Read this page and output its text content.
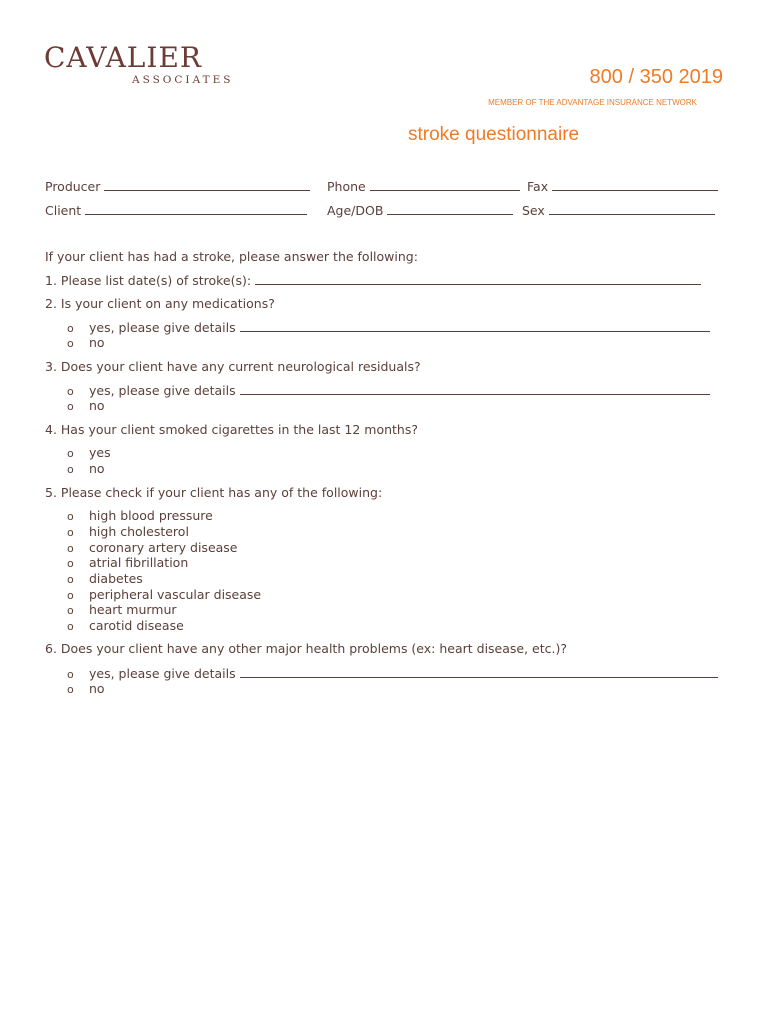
CAVALIER
ASSOCIATES	800 / 350 2019
MEMBER OF THE ADVANTAGE INSURANCE NETWORK
stroke questionnaire
Producer	Phone	Fax
Client	Age/DOB	Sex
If your client has had a stroke, please answer the following:
1. Please list date(s) of stroke(s):
2. Is your client on any medications?
o yes, please give details
o no
3. Does your client have any current neurological residuals?
o yes, please give details
o no
4. Has your client smoked cigarettes in the last 12 months?
o yes
o no
5. Please check if your client has any of the following:
o high blood pressure
o high cholesterol
o coronary artery disease
o atrial fibrillation
o diabetes
o peripheral vascular disease
o heart murmur
o carotid disease
6. Does your client have any other major health problems (ex: heart disease, etc.)?
o yes, please give details
o no
